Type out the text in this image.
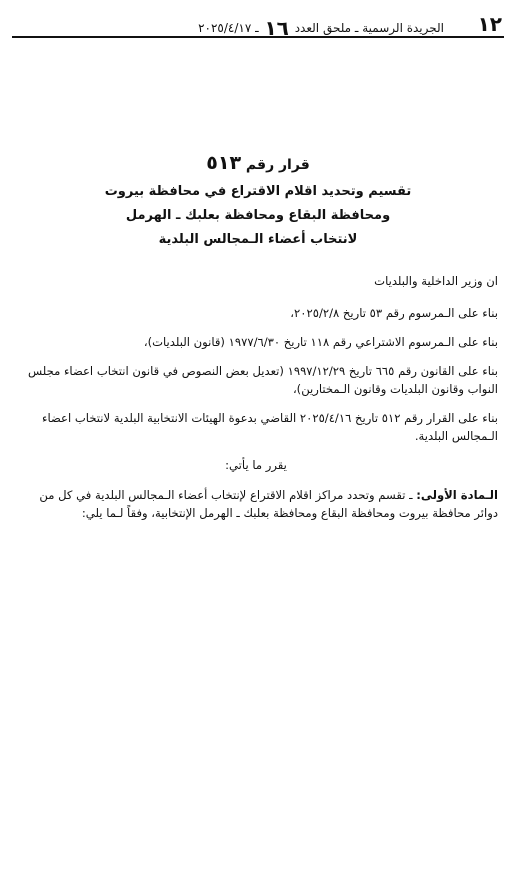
١٢
الجريدة الرسمية ـ ملحق العدد ١٦ ـ ٢٠٢٥/٤/١٧
قرار رقم ٥١٣
تقسيم وتحديد اقلام الاقتراع في محافظة بيروت
ومحافظة البقاع ومحافظة بعلبك ـ الهرمل
لانتخاب أعضاء الـمجالس البلدية

ان وزير الداخلية والبلديات

بناء على الـمرسوم رقم ٥٣ تاريخ ٢٠٢٥/٢/٨،

بناء على الـمرسوم الاشتراعي رقم ١١٨ تاريخ ١٩٧٧/٦/٣٠ (قانون البلديات)،

بناء على القانون رقم ٦٦٥ تاريخ ١٩٩٧/١٢/٢٩ (تعديل بعض النصوص في قانون انتخاب اعضاء مجلس النواب وقانون البلديات وقانون الـمختارين)،

بناء على القرار رقم ٥١٢ تاريخ ٢٠٢٥/٤/١٦ القاضي بدعوة الهيئات الانتخابية البلدية لانتخاب اعضاء الـمجالس البلدية.

يقرر ما يأتي:

الـمادة الأولى: ـ تقسم وتحدد مراكز اقلام الاقتراع لإنتخاب أعضاء الـمجالس البلدية في كل من دوائر محافظة بيروت ومحافظة البقاع ومحافظة بعلبك ـ الهرمل الإنتخابية، وفقاً لـما يلي:
